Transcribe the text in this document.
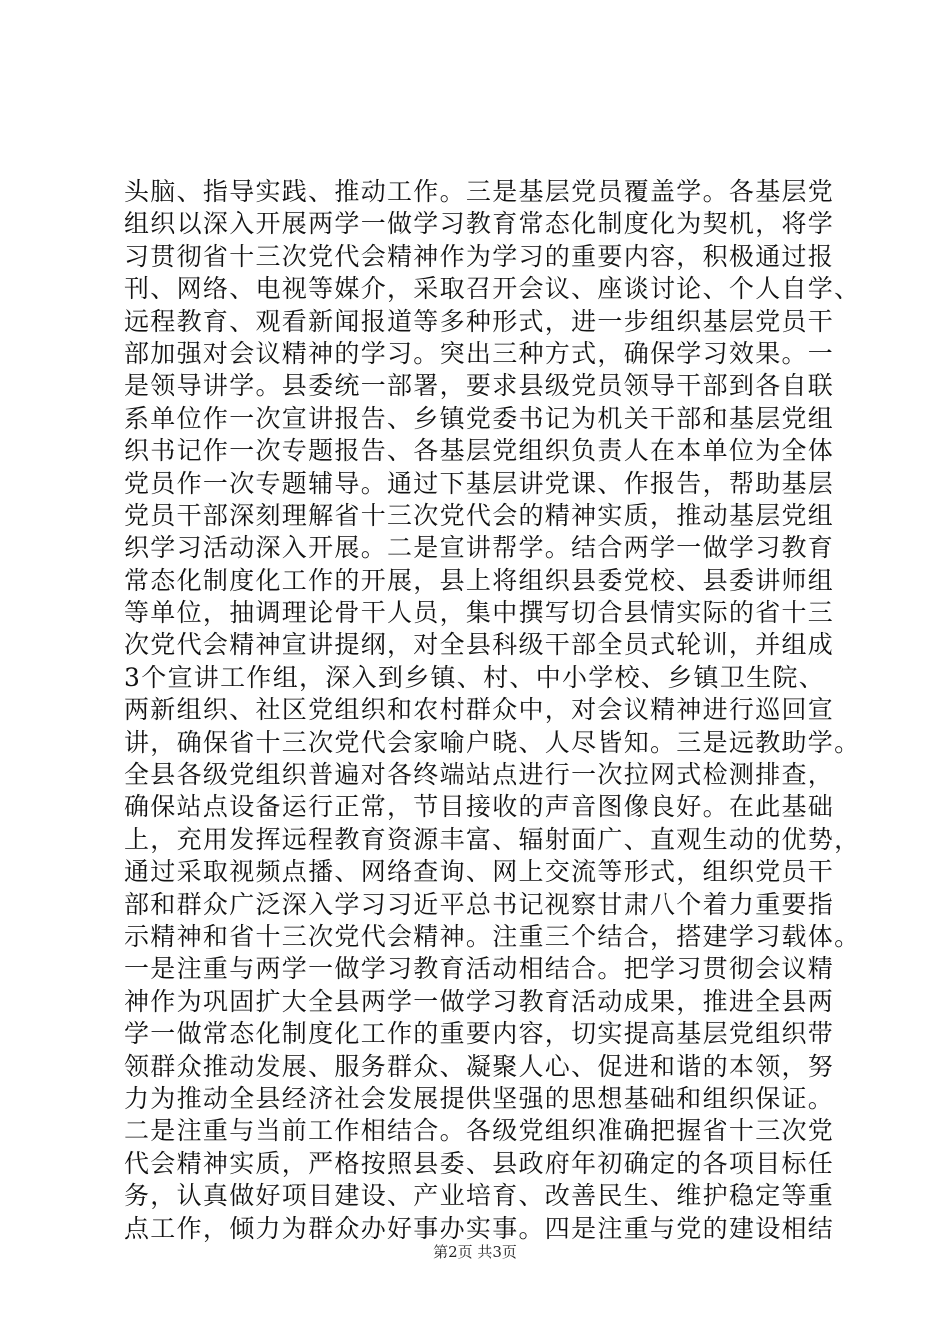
头脑、指导实践、推动工作。三是基层党员覆盖学。各基层党
组织以深入开展两学一做学习教育常态化制度化为契机，将学
习贯彻省十三次党代会精神作为学习的重要内容，积极通过报
刊、网络、电视等媒介，采取召开会议、座谈讨论、个人自学、
远程教育、观看新闻报道等多种形式，进一步组织基层党员干
部加强对会议精神的学习。突出三种方式，确保学习效果。一
是领导讲学。县委统一部署，要求县级党员领导干部到各自联
系单位作一次宣讲报告、乡镇党委书记为机关干部和基层党组
织书记作一次专题报告、各基层党组织负责人在本单位为全体
党员作一次专题辅导。通过下基层讲党课、作报告，帮助基层
党员干部深刻理解省十三次党代会的精神实质，推动基层党组
织学习活动深入开展。二是宣讲帮学。结合两学一做学习教育
常态化制度化工作的开展，县上将组织县委党校、县委讲师组
等单位，抽调理论骨干人员，集中撰写切合县情实际的省十三
次党代会精神宣讲提纲，对全县科级干部全员式轮训，并组成
3个宣讲工作组，深入到乡镇、村、中小学校、乡镇卫生院、
两新组织、社区党组织和农村群众中，对会议精神进行巡回宣
讲，确保省十三次党代会家喻户晓、人尽皆知。三是远教助学。
全县各级党组织普遍对各终端站点进行一次拉网式检测排查，
确保站点设备运行正常，节目接收的声音图像良好。在此基础
上，充用发挥远程教育资源丰富、辐射面广、直观生动的优势，
通过采取视频点播、网络查询、网上交流等形式，组织党员干
部和群众广泛深入学习习近平总书记视察甘肃八个着力重要指
示精神和省十三次党代会精神。注重三个结合，搭建学习载体。
一是注重与两学一做学习教育活动相结合。把学习贯彻会议精
神作为巩固扩大全县两学一做学习教育活动成果，推进全县两
学一做常态化制度化工作的重要内容，切实提高基层党组织带
领群众推动发展、服务群众、凝聚人心、促进和谐的本领，努
力为推动全县经济社会发展提供坚强的思想基础和组织保证。
二是注重与当前工作相结合。各级党组织准确把握省十三次党
代会精神实质，严格按照县委、县政府年初确定的各项目标任
务，认真做好项目建设、产业培育、改善民生、维护稳定等重
点工作，倾力为群众办好事办实事。四是注重与党的建设相结
第2页 共3页
